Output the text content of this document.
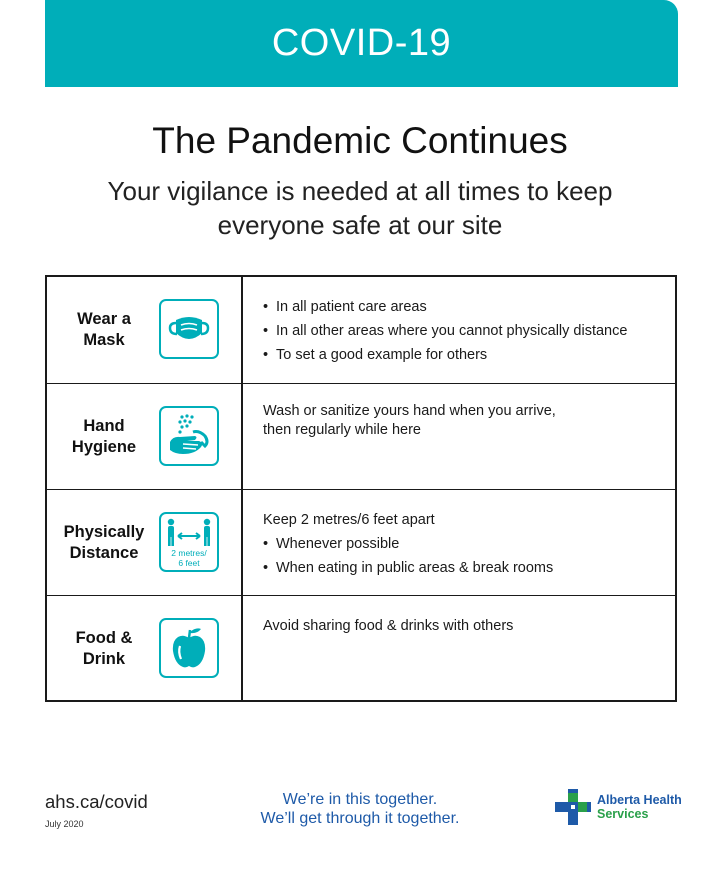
COVID-19
The Pandemic Continues
Your vigilance is needed at all times to keep everyone safe at our site
Wear a
Mask
• In all patient care areas
• In all other areas where you cannot physically distance
• To set a good example for others
Hand
Hygiene
Wash or sanitize yours hand when you arrive,
then regularly while here
Physically
Distance	2 metres/
6 feet
Keep 2 metres/6 feet apart
• Whenever possible
• When eating in public areas & break rooms
Food &
Drink
Avoid sharing food & drinks with others
ahs.ca/covid
July 2020
We’re in this together.
We’ll get through it together.
Alberta Health
Services
